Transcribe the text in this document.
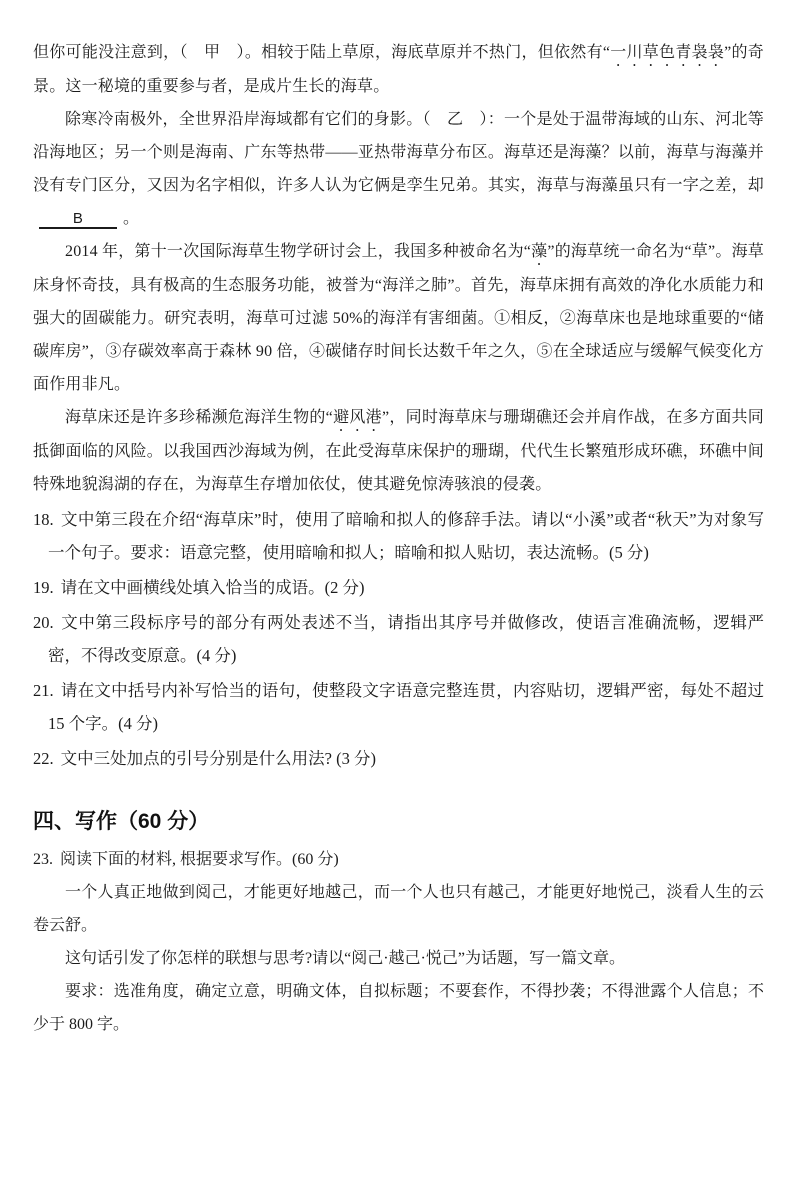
但你可能没注意到，（　甲　）。相较于陆上草原，海底草原并不热门，但依然有“一川草色青袅袅”的奇景。这一秘境的重要参与者，是成片生长的海草。

除寒冷南极外，全世界沿岸海域都有它们的身影。（　乙　）：一个是处于温带海域的山东、河北等沿海地区；另一个则是海南、广东等热带——亚热带海草分布区。海草还是海藻？以前，海草与海藻并没有专门区分，又因为名字相似，许多人认为它俩是孪生兄弟。其实，海草与海藻虽只有一字之差，却B 。

2014 年，第十一次国际海草生物学研讨会上，我国多种被命名为“藻”的海草统一命名为“草”。海草床身怀奇技，具有极高的生态服务功能，被誉为“海洋之肺”。首先，海草床拥有高效的净化水质能力和强大的固碳能力。研究表明，海草可过滤 50%的海洋有害细菌。①相反，②海草床也是地球重要的“储碳库房”，③存碳效率高于森林 90 倍，④碳储存时间长达数千年之久，⑤在全球适应与缓解气候变化方面作用非凡。

海草床还是许多珍稀濒危海洋生物的“避风港”，同时海草床与珊瑚礁还会并肩作战，在多方面共同抵御面临的风险。以我国西沙海域为例，在此受海草床保护的珊瑚，代代生长繁殖形成环礁，环礁中间特殊地貌潟湖的存在，为海草生存增加依仗，使其避免惊涛骇浪的侵袭。

18. 文中第三段在介绍“海草床”时，使用了暗喻和拟人的修辞手法。请以“小溪”或者“秋天”为对象写一个句子。要求：语意完整，使用暗喻和拟人；暗喻和拟人贴切，表达流畅。(5 分)

19. 请在文中画横线处填入恰当的成语。(2 分)

20. 文中第三段标序号的部分有两处表述不当，请指出其序号并做修改，使语言准确流畅，逻辑严密，不得改变原意。(4 分)

21. 请在文中括号内补写恰当的语句，使整段文字语意完整连贯，内容贴切，逻辑严密，每处不超过 15 个字。(4 分)

22. 文中三处加点的引号分别是什么用法? (3 分)

四、写作（60 分）

23. 阅读下面的材料, 根据要求写作。(60 分)

一个人真正地做到阅己，才能更好地越己，而一个人也只有越己，才能更好地悦己，淡看人生的云卷云舒。

这句话引发了你怎样的联想与思考?请以“阅己·越己·悦己”为话题，写一篇文章。

要求：选准角度，确定立意，明确文体，自拟标题；不要套作，不得抄袭；不得泄露个人信息；不少于 800 字。
